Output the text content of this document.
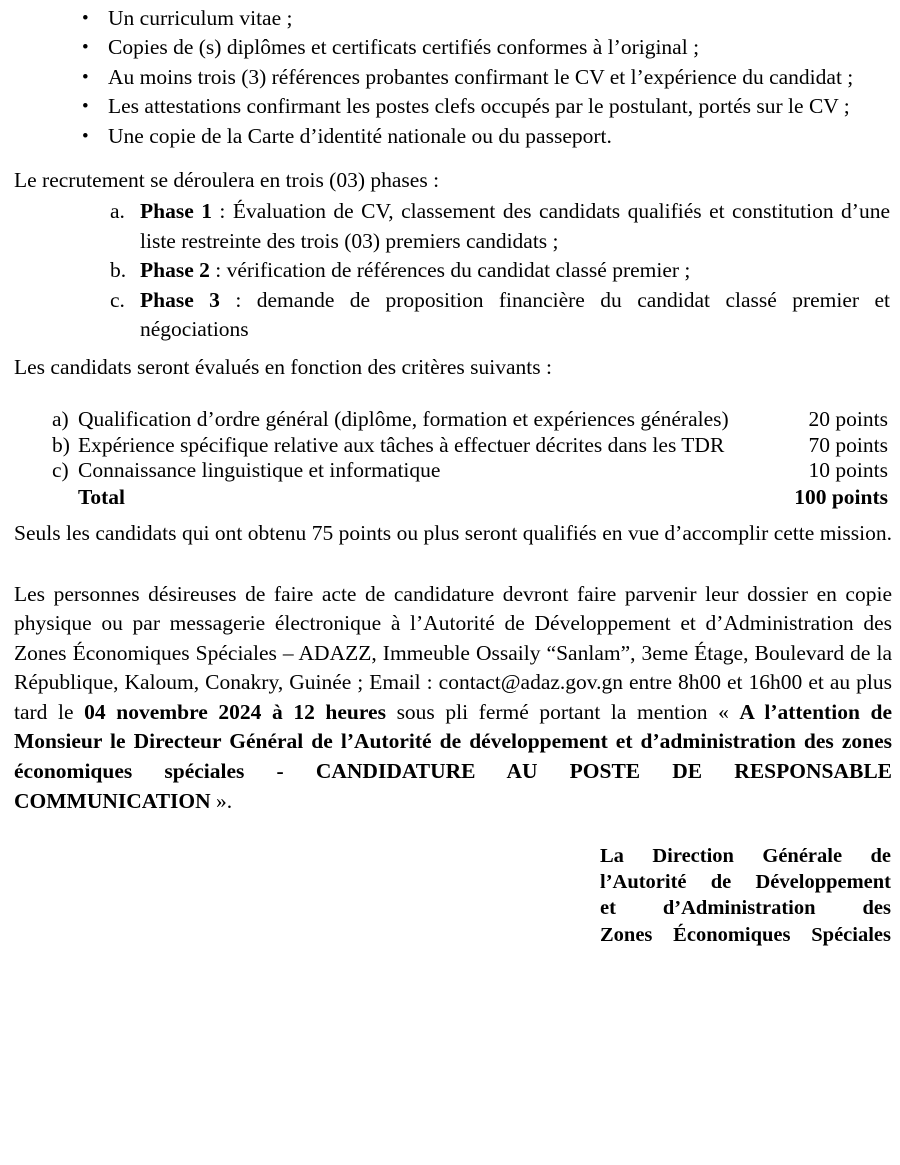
• Un curriculum vitae ;
• Copies de (s) diplômes et certificats certifiés conformes à l’original ;
• Au moins trois (3) références probantes confirmant le CV et l’expérience du candidat ;
• Les attestations confirmant les postes clefs occupés par le postulant, portés sur le CV ;
• Une copie de la Carte d’identité nationale ou du passeport.
Le recrutement se déroulera en trois (03) phases :
a. Phase 1 : Évaluation de CV, classement des candidats qualifiés et constitution d’une liste restreinte des trois (03) premiers candidats ;
b. Phase 2 : vérification de références du candidat classé premier ;
c. Phase 3 : demande de proposition financière du candidat classé premier et négociations
Les candidats seront évalués en fonction des critères suivants :
a)	Qualification d’ordre général (diplôme, formation et expériences générales)	20 points
b)	Expérience spécifique relative aux tâches à effectuer décrites dans les TDR	70 points
c)	Connaissance linguistique et informatique	10 points
	Total	100 points
Seuls les candidats qui ont obtenu 75 points ou plus seront qualifiés en vue d’accomplir cette mission.

Les personnes désireuses de faire acte de candidature devront faire parvenir leur dossier en copie physique ou par messagerie électronique à l’Autorité de Développement et d’Administration des Zones Économiques Spéciales – ADAZZ, Immeuble Ossaily “Sanlam”, 3eme Étage, Boulevard de la République, Kaloum, Conakry, Guinée ; Email : contact@adaz.gov.gn entre 8h00 et 16h00 et au plus tard le 04 novembre 2024 à 12 heures sous pli fermé portant la mention « A l’attention de Monsieur le Directeur Général de l’Autorité de développement et d’administration des zones économiques spéciales - CANDIDATURE AU POSTE DE RESPONSABLE COMMUNICATION ».

La Direction Générale de
l’Autorité de Développement
et d’Administration des
Zones Économiques Spéciales
